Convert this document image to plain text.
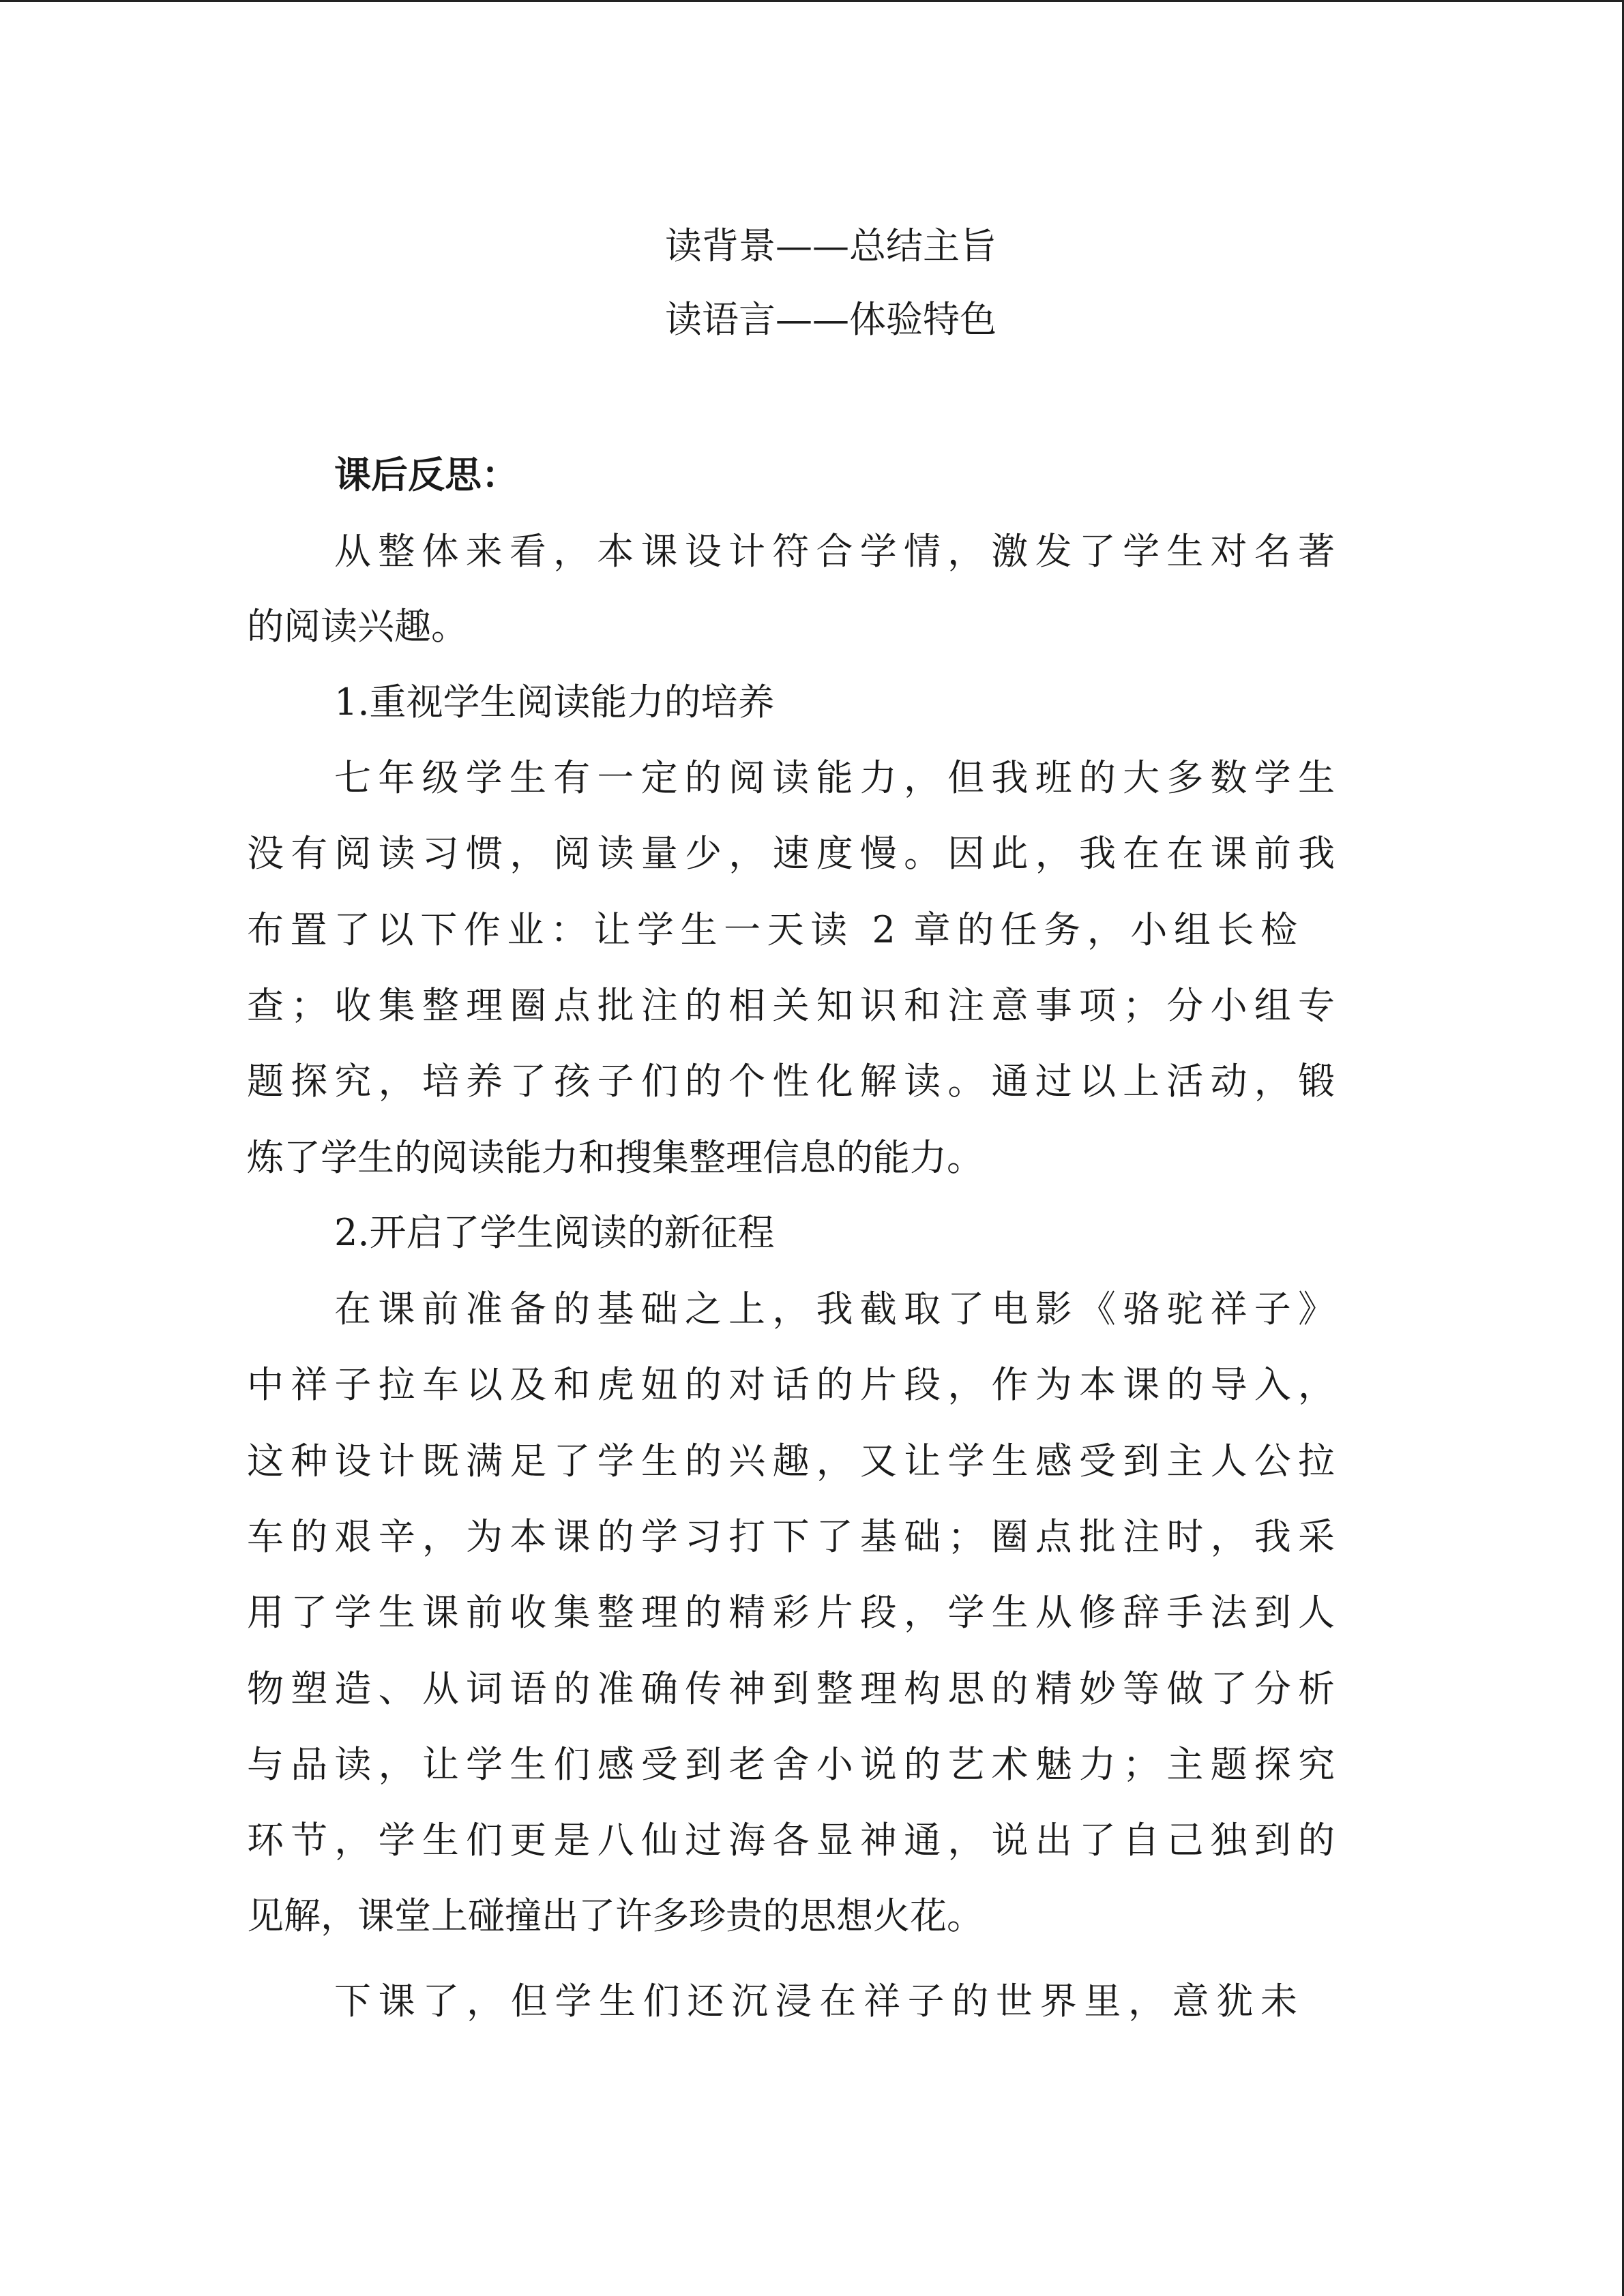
读背景——总结主旨

读语言——体验特色

课后反思：

从整体来看，本课设计符合学情，激发了学生对名著

的阅读兴趣。

1.重视学生阅读能力的培养

七年级学生有一定的阅读能力，但我班的大多数学生

没有阅读习惯，阅读量少，速度慢。因此，我在在课前我

布置了以下作业：让学生一天读 2 章的任务，小组长检

查；收集整理圈点批注的相关知识和注意事项；分小组专

题探究，培养了孩子们的个性化解读。通过以上活动，锻

炼了学生的阅读能力和搜集整理信息的能力。

2.开启了学生阅读的新征程

在课前准备的基础之上，我截取了电影《骆驼祥子》

中祥子拉车以及和虎妞的对话的片段，作为本课的导入，

这种设计既满足了学生的兴趣，又让学生感受到主人公拉

车的艰辛，为本课的学习打下了基础；圈点批注时，我采

用了学生课前收集整理的精彩片段，学生从修辞手法到人

物塑造、从词语的准确传神到整理构思的精妙等做了分析

与品读，让学生们感受到老舍小说的艺术魅力；主题探究

环节，学生们更是八仙过海各显神通，说出了自己独到的

见解，课堂上碰撞出了许多珍贵的思想火花。

下课了，但学生们还沉浸在祥子的世界里，意犹未
